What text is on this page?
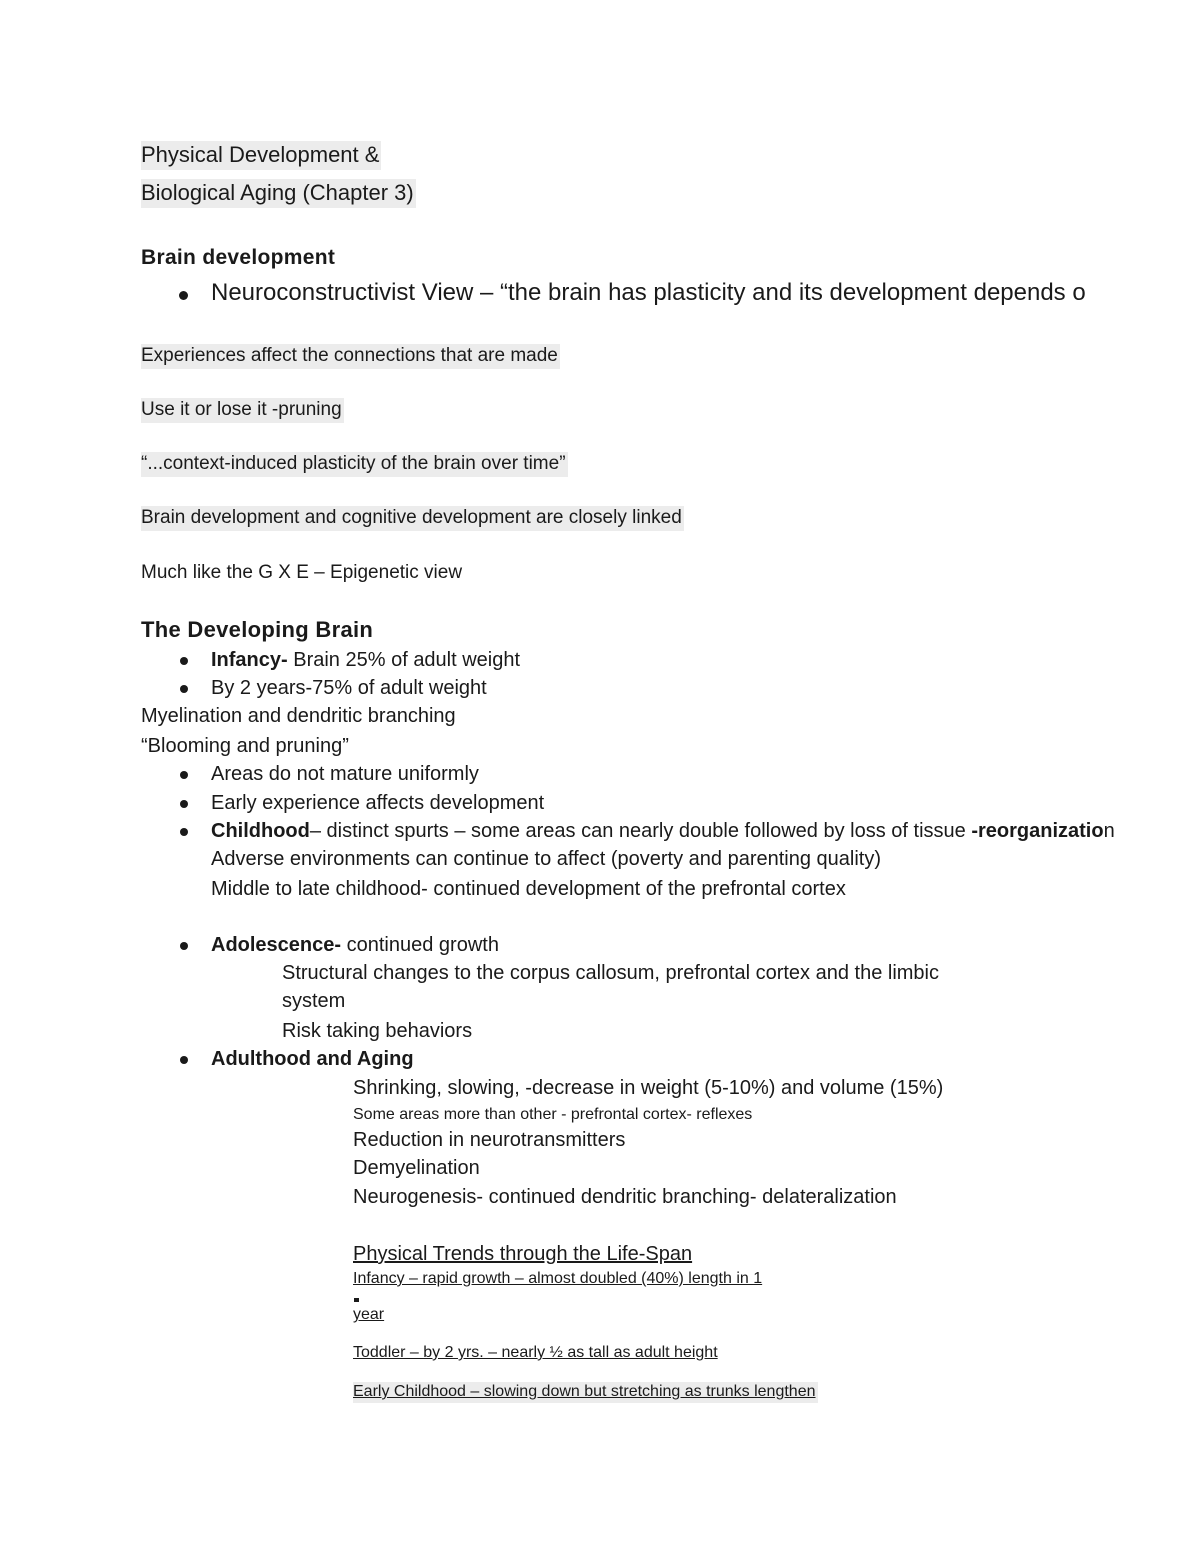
Physical Development &
Biological Aging (Chapter 3)
Brain development
Neuroconstructivist View – “the brain has plasticity and its development depends o
Experiences affect the connections that are made
Use it or lose it -pruning
“...context-induced plasticity of the brain over time”
Brain development and cognitive development are closely linked
Much like the G X E – Epigenetic view
The Developing Brain
Infancy- Brain 25% of adult weight
By 2 years-75% of adult weight
Myelination and dendritic branching
“Blooming and pruning”
Areas do not mature uniformly
Early experience affects development
Childhood– distinct spurts – some areas can nearly double followed by loss of tissue -reorganization
Adverse environments can continue to affect (poverty and parenting quality)
Middle to late childhood- continued development of the prefrontal cortex
Adolescence- continued growth
Structural changes to the corpus callosum, prefrontal cortex and the limbic
system
Risk taking behaviors
Adulthood and Aging
Shrinking, slowing, -decrease in weight (5-10%) and volume (15%)
Some areas more than other - prefrontal cortex- reflexes
Reduction in neurotransmitters
Demyelination
Neurogenesis- continued dendritic branching- delateralization
Physical Trends through the Life-Span
Infancy – rapid growth – almost doubled (40%) length in 1
year
Toddler – by 2 yrs. – nearly ½ as tall as adult height
Early Childhood – slowing down but stretching as trunks lengthen
